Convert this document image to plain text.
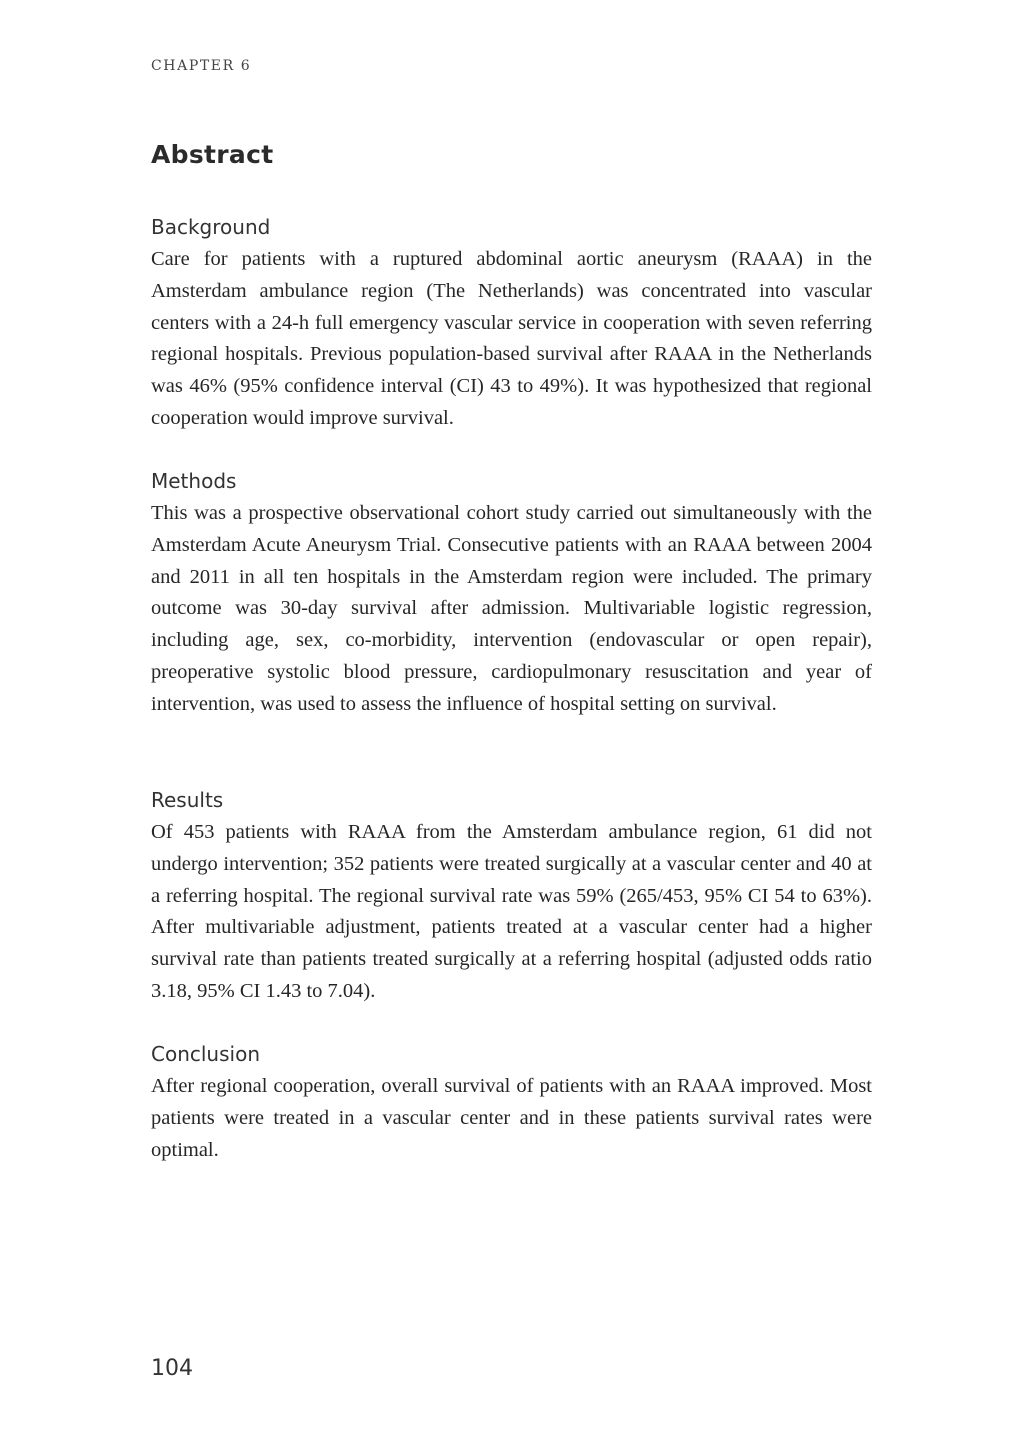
CHAPTER 6
Abstract
Background

Care for patients with a ruptured abdominal aortic aneurysm (RAAA) in the Amsterdam ambulance region (The Netherlands) was concentrated into vascular centers with a 24-h full emergency vascular service in cooperation with seven referring regional hospitals. Previous population-based survival after RAAA in the Netherlands was 46% (95% confidence interval (CI) 43 to 49%). It was hypothesized that regional cooperation would improve survival.

Methods

This was a prospective observational cohort study carried out simultaneously with the Amsterdam Acute Aneurysm Trial. Consecutive patients with an RAAA between 2004 and 2011 in all ten hospitals in the Amsterdam region were included. The primary outcome was 30-day survival after admission. Multivariable logistic regression, including age, sex, co-morbidity, intervention (endovascular or open repair), preoperative systolic blood pressure, cardiopulmonary resuscitation and year of intervention, was used to assess the influence of hospital setting on survival.

Results

Of 453 patients with RAAA from the Amsterdam ambulance region, 61 did not undergo intervention; 352 patients were treated surgically at a vascular center and 40 at a referring hospital. The regional survival rate was 59% (265/453, 95% CI 54 to 63%). After multivariable adjustment, patients treated at a vascular center had a higher survival rate than patients treated surgically at a referring hospital (adjusted odds ratio 3.18, 95% CI 1.43 to 7.04).

Conclusion

After regional cooperation, overall survival of patients with an RAAA improved. Most patients were treated in a vascular center and in these patients survival rates were optimal.

104
